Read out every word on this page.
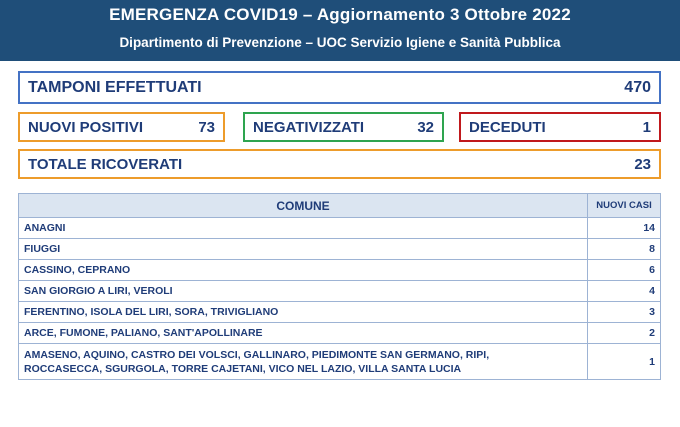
EMERGENZA COVID19 – Aggiornamento 3 Ottobre 2022
Dipartimento di Prevenzione – UOC Servizio Igiene e Sanità Pubblica
TAMPONI EFFETTUATI	470
NUOVI POSITIVI	73	NEGATIVIZZATI	32 DECEDUTI	1
TOTALE RICOVERATI	23
COMUNE	NUOVI CASI
ANAGNI	14
FIUGGI	8
CASSINO, CEPRANO	6
SAN GIORGIO A LIRI, VEROLI	4
FERENTINO, ISOLA DEL LIRI, SORA, TRIVIGLIANO	3
ARCE, FUMONE, PALIANO, SANT'APOLLINARE	2

AMASENO, AQUINO, CASTRO DEI VOLSCI, GALLINARO, PIEDIMONTE SAN GERMANO, RIPI,
ROCCASECCA, SGURGOLA, TORRE CAJETANI, VICO NEL LAZIO, VILLA SANTA LUCIA	1
